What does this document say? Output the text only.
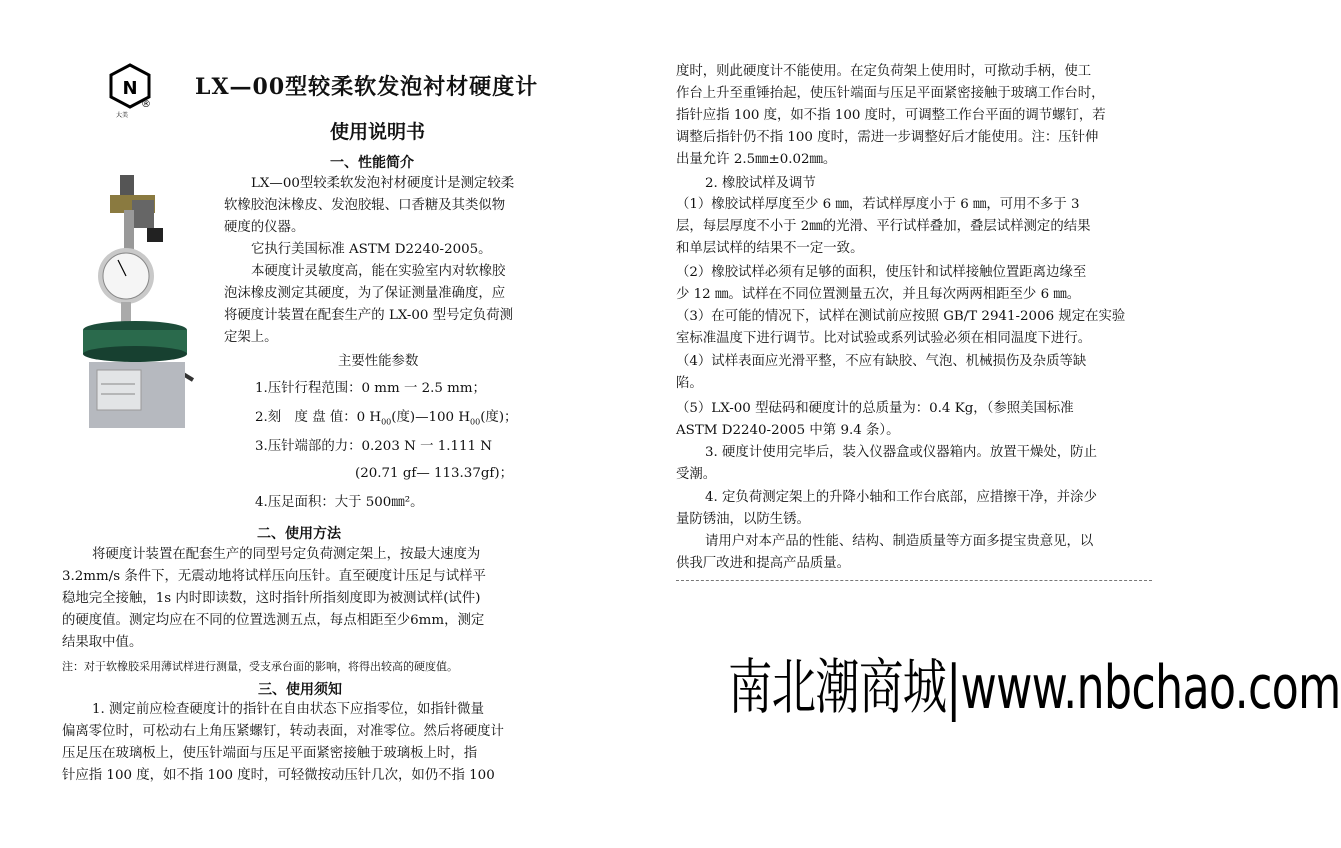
N
大美
®
LX—00型较柔软发泡衬材硬度计
使用说明书
一、性能简介
LX—00型较柔软发泡衬材硬度计是测定较柔
软橡胶泡沫橡皮、发泡胶辊、口香糖及其类似物
硬度的仪器。
它执行美国标准 ASTM D2240-2005。
本硬度计灵敏度高，能在实验室内对软橡胶
泡沫橡皮测定其硬度，为了保证测量准确度，应
将硬度计装置在配套生产的 LX-00 型号定负荷测
定架上。
主要性能参数
1.压针行程范围：0 mm 一 2.5 mm；
2.刻　度 盘 值：0 $H_{00}$(度)—100 $H_{00}$(度)；
3.压针端部的力：0.203 N 一 1.111 N
(20.71 gf— 113.37gf)；
4.压足面积：大于 500㎜²。
二、使用方法
将硬度计装置在配套生产的同型号定负荷测定架上，按最大速度为
3.2mm/s 条件下，无震动地将试样压向压针。直至硬度计压足与试样平
稳地完全接触，1s 内时即读数，这时指针所指刻度即为被测试样(试件)
的硬度值。测定均应在不同的位置选测五点，每点相距至少6mm，测定
结果取中值。
注：对于软橡胶采用薄试样进行测量，受支承台面的影响，将得出较高的硬度值。
三、使用须知
1. 测定前应检查硬度计的指针在自由状态下应指零位，如指针微量
偏离零位时，可松动右上角压紧螺钉，转动表面，对准零位。然后将硬度计
压足压在玻璃板上，使压针端面与压足平面紧密接触于玻璃板上时，指
针应指 100 度，如不指 100 度时，可轻微按动压针几次，如仍不指 100
度时，则此硬度计不能使用。在定负荷架上使用时，可揿动手柄，使工
作台上升至重锤抬起，使压针端面与压足平面紧密接触于玻璃工作台时，
指针应指 100 度，如不指 100 度时，可调整工作台平面的调节螺钉，若
调整后指针仍不指 100 度时，需进一步调整好后才能使用。注：压针伸
出量允许 2.5㎜±0.02㎜。
2. 橡胶试样及调节
（1）橡胶试样厚度至少 6 ㎜，若试样厚度小于 6 ㎜，可用不多于 3
层，每层厚度不小于 2㎜的光滑、平行试样叠加，叠层试样测定的结果
和单层试样的结果不一定一致。
（2）橡胶试样必须有足够的面积，使压针和试样接触位置距离边缘至
少 12 ㎜。试样在不同位置测量五次，并且每次两两相距至少 6 ㎜。
（3）在可能的情况下，试样在测试前应按照 GB/T 2941-2006 规定在实验
室标准温度下进行调节。比对试验或系列试验必须在相同温度下进行。
（4）试样表面应光滑平整，不应有缺胶、气泡、机械损伤及杂质等缺
陷。
（5）LX-00 型砝码和硬度计的总质量为：0.4 Kg，（参照美国标准
ASTM D2240-2005 中第 9.4 条）。
3. 硬度计使用完毕后，装入仪器盒或仪器箱内。放置干燥处，防止
受潮。
4. 定负荷测定架上的升降小轴和工作台底部，应措擦干净，并涂少
量防锈油，以防生锈。
请用户对本产品的性能、结构、制造质量等方面多提宝贵意见，以
供我厂改进和提高产品质量。
南北潮商城|www.nbchao.com
